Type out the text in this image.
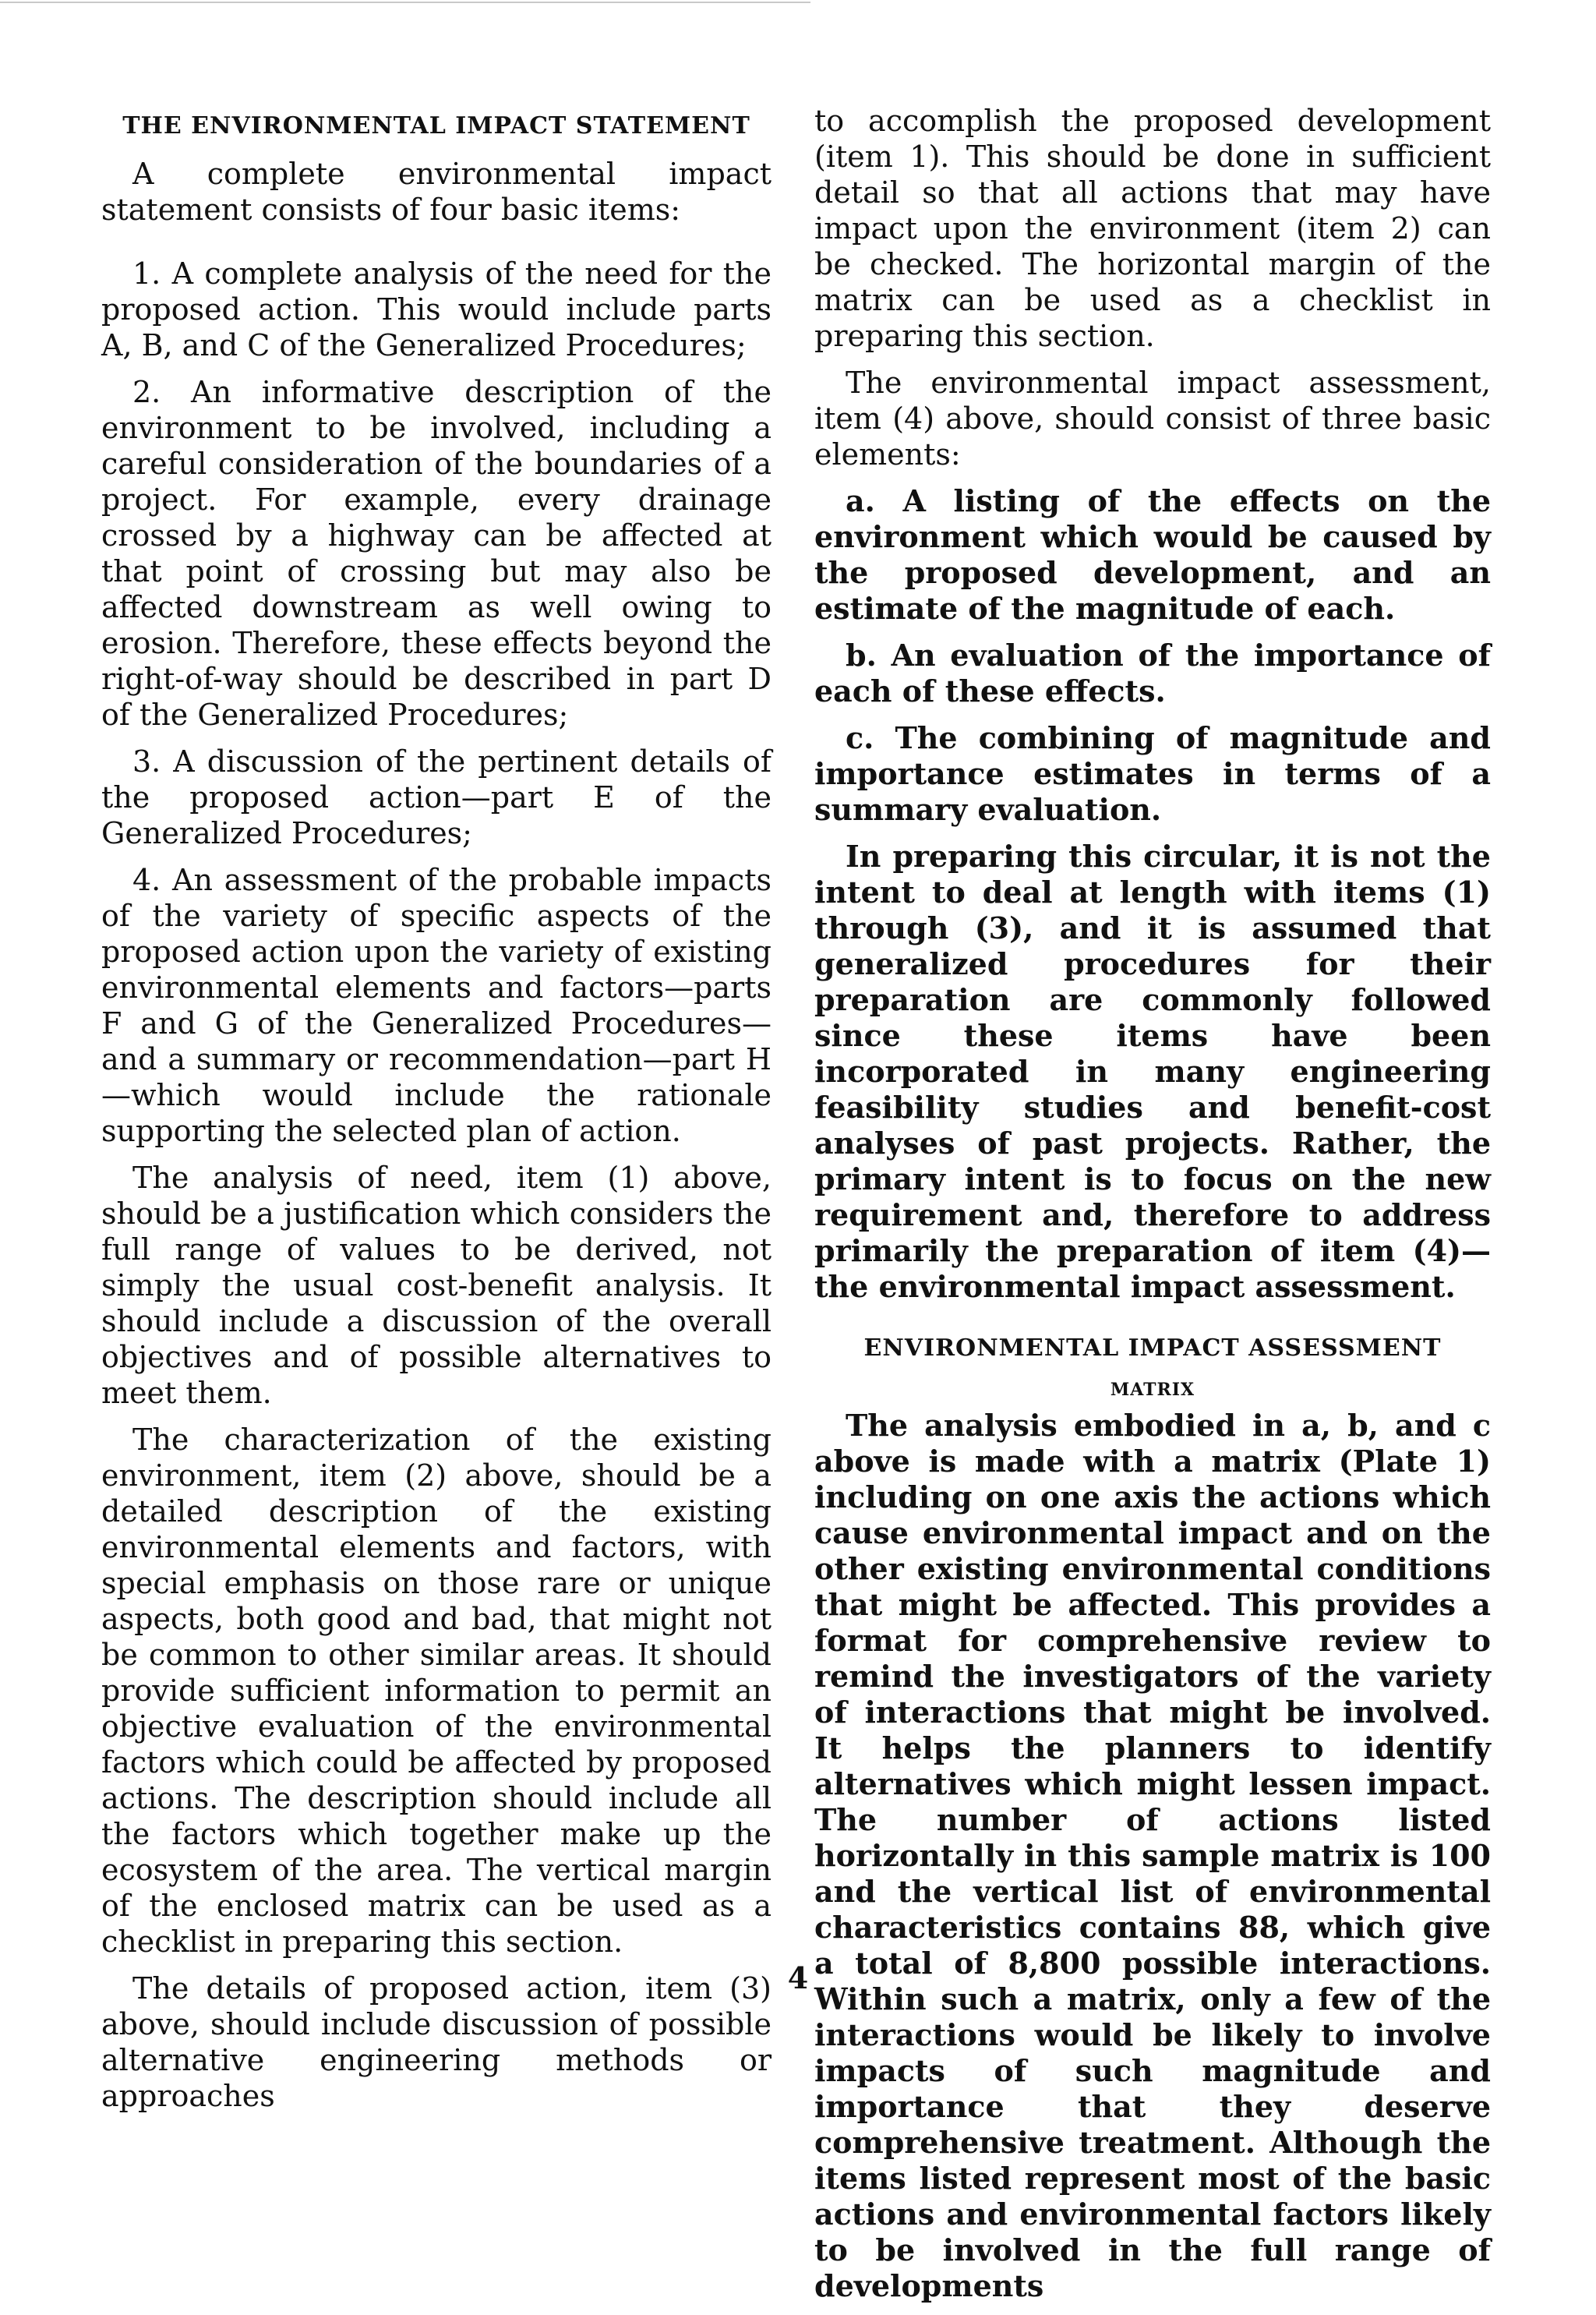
THE ENVIRONMENTAL IMPACT STATEMENT

A complete environmental impact statement consists of four basic items:

1. A complete analysis of the need for the proposed action. This would include parts A, B, and C of the Generalized Procedures;

2. An informative description of the environment to be involved, including a careful consideration of the boundaries of a project. For example, every drainage crossed by a highway can be affected at that point of crossing but may also be affected downstream as well owing to erosion. Therefore, these effects beyond the right-of-way should be described in part D of the Generalized Procedures;

3. A discussion of the pertinent details of the proposed action—part E of the Generalized Procedures;

4. An assessment of the probable impacts of the variety of specific aspects of the proposed action upon the variety of existing environmental elements and factors—parts F and G of the Generalized Procedures—and a summary or recommendation—part H—which would include the rationale supporting the selected plan of action.

The analysis of need, item (1) above, should be a justification which considers the full range of values to be derived, not simply the usual cost-benefit analysis. It should include a discussion of the overall objectives and of possible alternatives to meet them.

The characterization of the existing environment, item (2) above, should be a detailed description of the existing environmental elements and factors, with special emphasis on those rare or unique aspects, both good and bad, that might not be common to other similar areas. It should provide sufficient information to permit an objective evaluation of the environmental factors which could be affected by proposed actions. The description should include all the factors which together make up the ecosystem of the area. The vertical margin of the enclosed matrix can be used as a checklist in preparing this section.

The details of proposed action, item (3) above, should include discussion of possible alternative engineering methods or approaches

to accomplish the proposed development (item 1). This should be done in sufficient detail so that all actions that may have impact upon the environment (item 2) can be checked. The horizontal margin of the matrix can be used as a checklist in preparing this section.

The environmental impact assessment, item (4) above, should consist of three basic elements:

a. A listing of the effects on the environment which would be caused by the proposed development, and an estimate of the magnitude of each.

b. An evaluation of the importance of each of these effects.

c. The combining of magnitude and importance estimates in terms of a summary evaluation.

In preparing this circular, it is not the intent to deal at length with items (1) through (3), and it is assumed that generalized procedures for their preparation are commonly followed since these items have been incorporated in many engineering feasibility studies and benefit-cost analyses of past projects. Rather, the primary intent is to focus on the new requirement and, therefore to address primarily the preparation of item (4)—the environmental impact assessment.

ENVIRONMENTAL IMPACT ASSESSMENT
MATRIX

The analysis embodied in a, b, and c above is made with a matrix (Plate 1) including on one axis the actions which cause environmental impact and on the other existing environmental conditions that might be affected. This provides a format for comprehensive review to remind the investigators of the variety of interactions that might be involved. It helps the planners to identify alternatives which might lessen impact. The number of actions listed horizontally in this sample matrix is 100 and the vertical list of environmental characteristics contains 88, which give a total of 8,800 possible interactions. Within such a matrix, only a few of the interactions would be likely to involve impacts of such magnitude and importance that they deserve comprehensive treatment. Although the items listed represent most of the basic actions and environmental factors likely to be involved in the full range of developments

4
